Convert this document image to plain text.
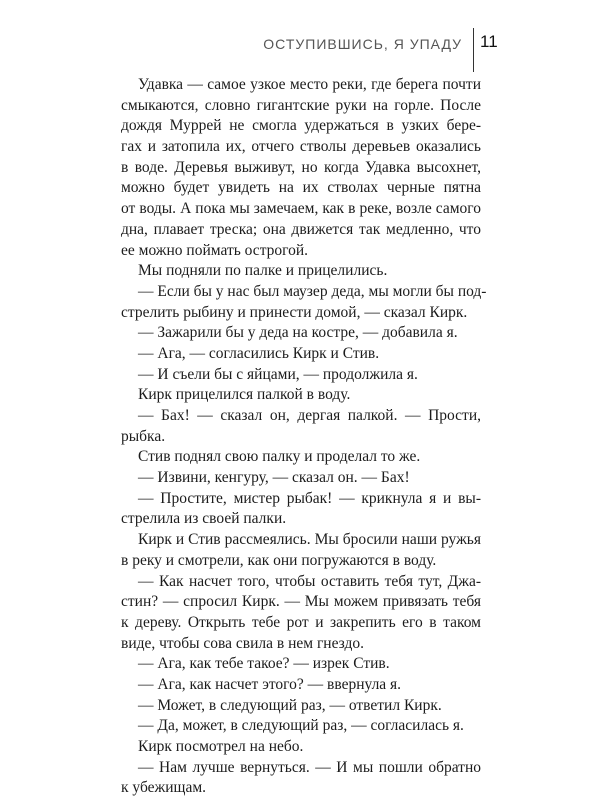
ОСТУПИВШИСЬ, Я УПАДУ 11
Удавка — самое узкое место реки, где берега почти
смыкаются, словно гигантские руки на горле. После
дождя Муррей не смогла удержаться в узких бере-
гах и затопила их, отчего стволы деревьев оказались
в воде. Деревья выживут, но когда Удавка высохнет,
можно будет увидеть на их стволах черные пятна
от воды. А пока мы замечаем, как в реке, возле самого
дна, плавает треска; она движется так медленно, что
ее можно поймать острогой.
Мы подняли по палке и прицелились.
— Если бы у нас был маузер деда, мы могли бы под-
стрелить рыбину и принести домой, — сказал Кирк.
— Зажарили бы у деда на костре, — добавила я.
— Ага, — согласились Кирк и Стив.
— И съели бы с яйцами, — продолжила я.
Кирк прицелился палкой в воду.
— Бах! — сказал он, дергая палкой. — Прости,
рыбка.
Стив поднял свою палку и проделал то же.
— Извини, кенгуру, — сказал он. — Бах!
— Простите, мистер рыбак! — крикнула я и вы-
стрелила из своей палки.
Кирк и Стив рассмеялись. Мы бросили наши ружья
в реку и смотрели, как они погружаются в воду.
— Как насчет того, чтобы оставить тебя тут, Джа-
стин? — спросил Кирк. — Мы можем привязать тебя
к дереву. Открыть тебе рот и закрепить его в таком
виде, чтобы сова свила в нем гнездо.
— Ага, как тебе такое? — изрек Стив.
— Ага, как насчет этого? — ввернула я.
— Может, в следующий раз, — ответил Кирк.
— Да, может, в следующий раз, — согласилась я.
Кирк посмотрел на небо.
— Нам лучше вернуться. — И мы пошли обратно
к убежищам.
